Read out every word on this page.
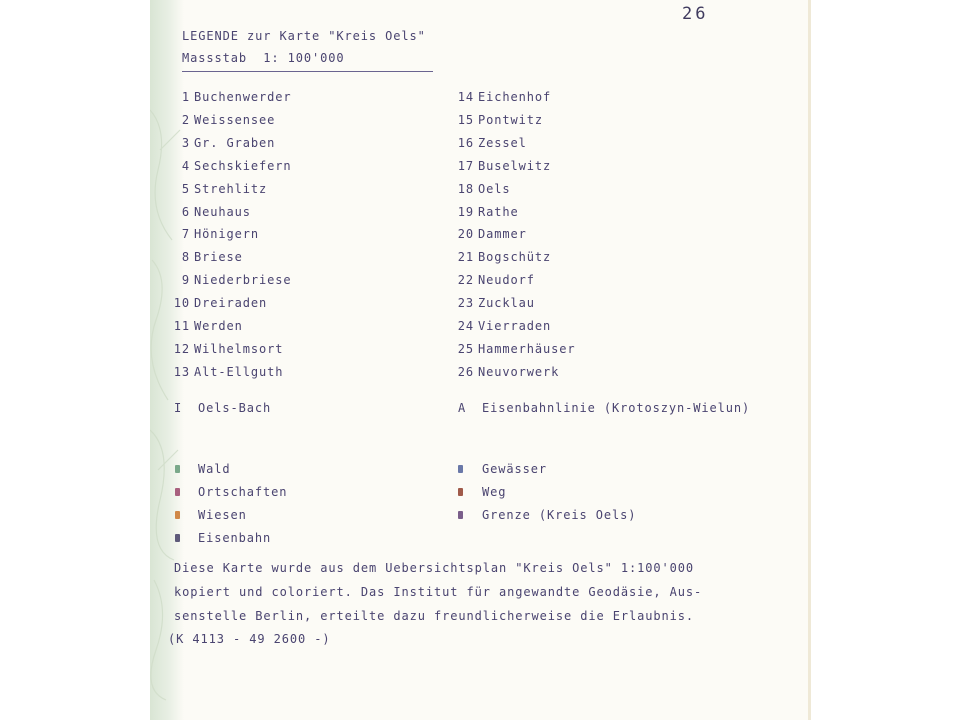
26
LEGENDE zur Karte "Kreis Oels"
Massstab  1: 100'000
1 Buchenwerder
2 Weissensee
3 Gr. Graben
4 Sechskiefern
5 Strehlitz
6 Neuhaus
7 Hönigern
8 Briese
9 Niederbriese
10 Dreiraden
11 Werden
12 Wilhelmsort
13 Alt-Ellguth
14 Eichenhof
15 Pontwitz
16 Zessel
17 Buselwitz
18 Oels
19 Rathe
20 Dammer
21 Bogschütz
22 Neudorf
23 Zucklau
24 Vierraden
25 Hammerhäuser
26 Neuvorwerk
I Oels-Bach	A Eisenbahnlinie (Krotoszyn-Wielun)
Wald
Ortschaften
Wiesen
Eisenbahn
Gewässer
Weg
Grenze (Kreis Oels)
Diese Karte wurde aus dem Uebersichtsplan "Kreis Oels" 1:100'000
kopiert und coloriert. Das Institut für angewandte Geodäsie, Aus-
senstelle Berlin, erteilte dazu freundlicherweise die Erlaubnis.
(K 4113 - 49 2600 -)
